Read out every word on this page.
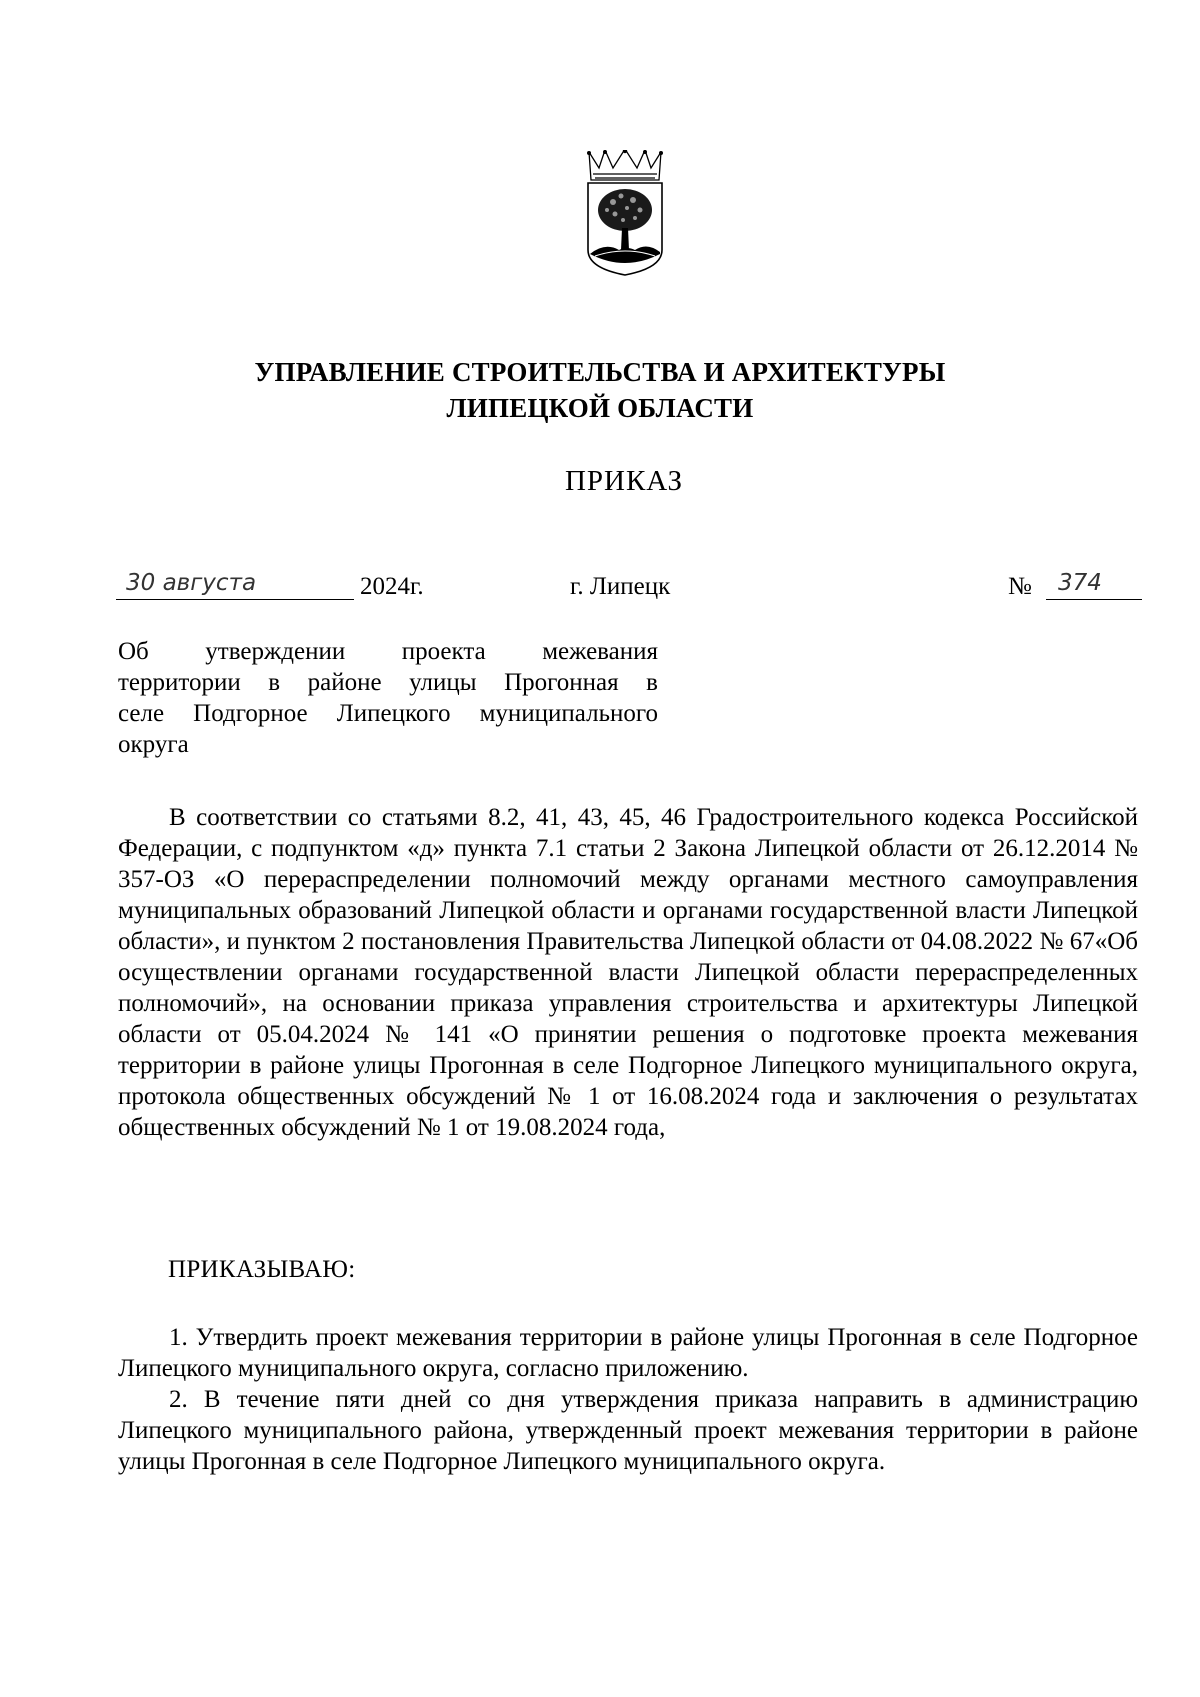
УПРАВЛЕНИЕ СТРОИТЕЛЬСТВА И АРХИТЕКТУРЫ
ЛИПЕЦКОЙ ОБЛАСТИ
ПРИКАЗ
30 августа	2024г.	г. Липецк	№ 374
Об утверждении проекта межевания
территории в районе улицы Прогонная в
селе Подгорное Липецкого муниципального
округа

В соответствии со статьями 8.2, 41, 43, 45, 46 Градостроительного кодекса Российской Федерации, с подпунктом «д» пункта 7.1 статьи 2 Закона Липецкой области от 26.12.2014 № 357-ОЗ «О перераспределении полномочий между органами местного самоуправления муниципальных образований Липецкой области и органами государственной власти Липецкой области», и пунктом 2 постановления Правительства Липецкой области от 04.08.2022 № 67«Об осуществлении органами государственной власти Липецкой области перераспределенных полномочий», на основании приказа управления строительства и архитектуры Липецкой области от 05.04.2024 № 141 «О принятии решения о подготовке проекта межевания территории в районе улицы Прогонная в селе Подгорное Липецкого муниципального округа, протокола общественных обсуждений № 1 от 16.08.2024 года и заключения о результатах общественных обсуждений № 1 от 19.08.2024 года,

ПРИКАЗЫВАЮ:

1. Утвердить проект межевания территории в районе улицы Прогонная в селе Подгорное Липецкого муниципального округа, согласно приложению.

2. В течение пяти дней со дня утверждения приказа направить в администрацию Липецкого муниципального района, утвержденный проект межевания территории в районе улицы Прогонная в селе Подгорное Липецкого муниципального округа.
